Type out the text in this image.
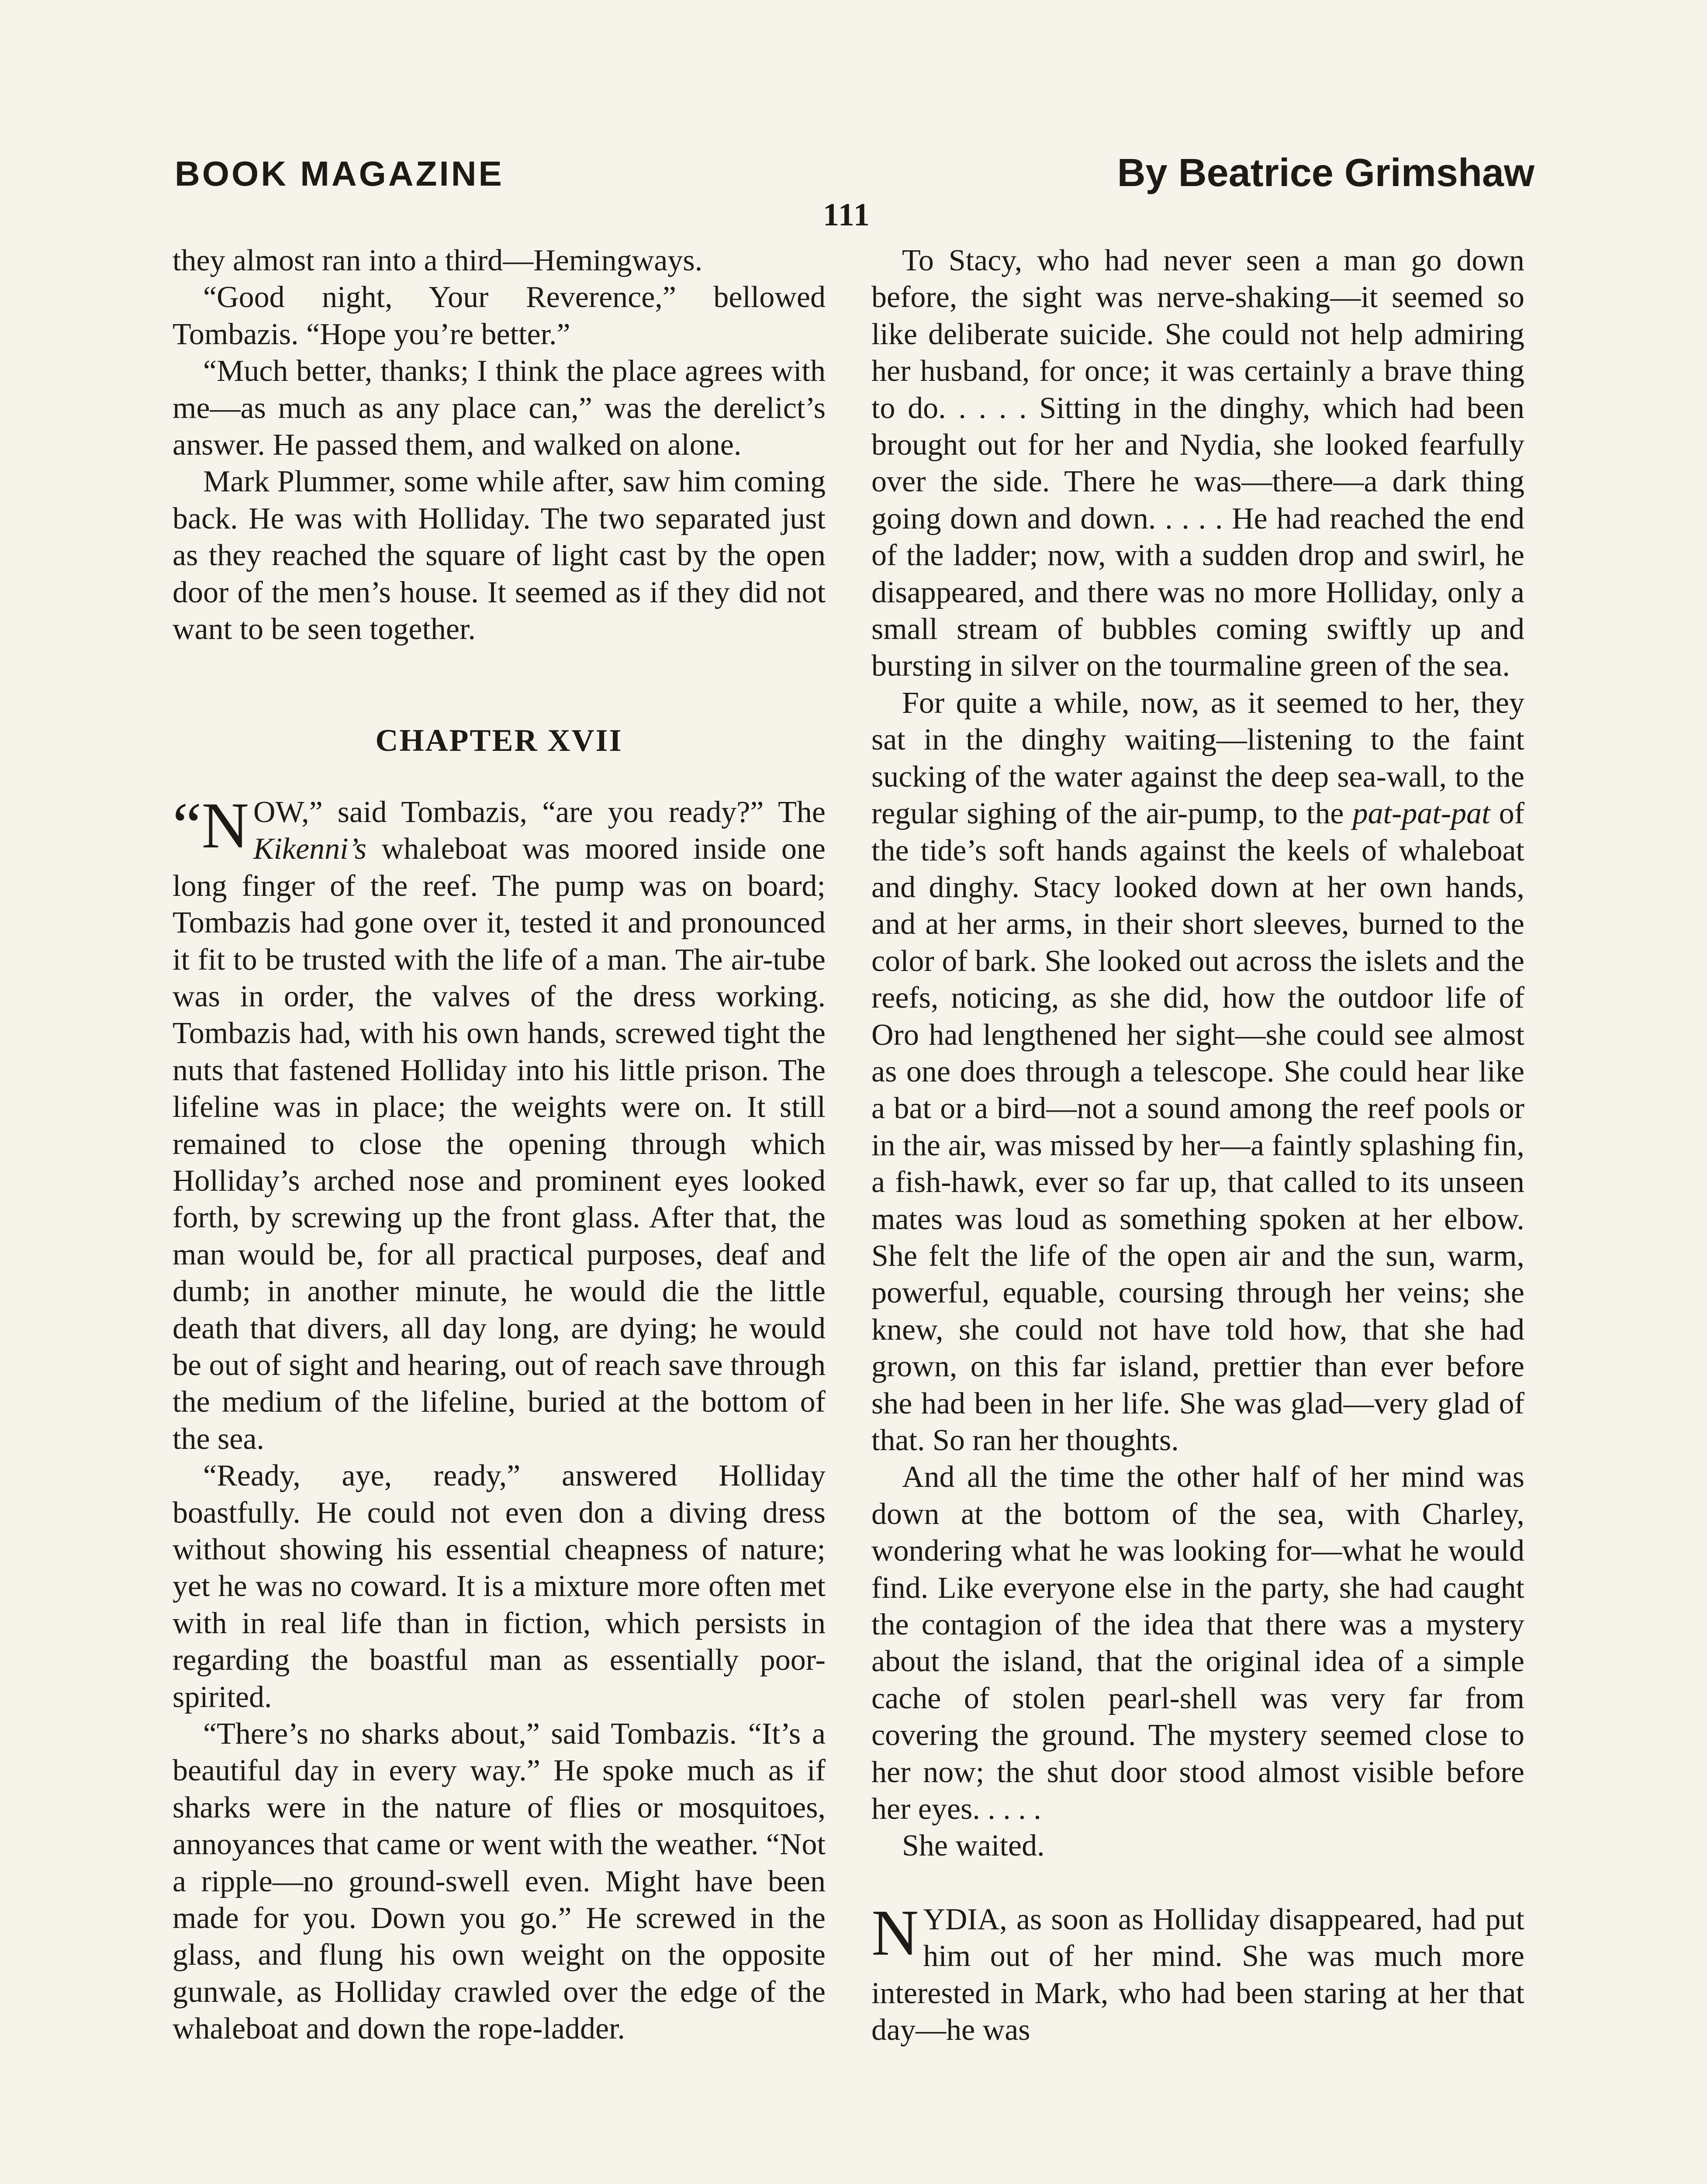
BOOK MAGAZINE	By Beatrice Grimshaw
111

they almost ran into a third—Hemingways.

“Good night, Your Reverence,” bellowed Tombazis. “Hope you’re better.”

“Much better, thanks; I think the place agrees with me—as much as any place can,” was the derelict’s answer. He passed them, and walked on alone.

Mark Plummer, some while after, saw him coming back. He was with Holliday. The two separated just as they reached the square of light cast by the open door of the men’s house. It seemed as if they did not want to be seen together.

CHAPTER XVII

“N OW,” said Tombazis, “are you ready?” The Kikenni’s whaleboat was moored inside one long finger of the reef. The pump was on board; Tombazis had gone over it, tested it and pronounced it fit to be trusted with the life of a man. The air-tube was in order, the valves of the dress working. Tombazis had, with his own hands, screwed tight the nuts that fastened Holliday into his little prison. The lifeline was in place; the weights were on. It still remained to close the opening through which Holliday’s arched nose and prominent eyes looked forth, by screwing up the front glass. After that, the man would be, for all practical purposes, deaf and dumb; in another minute, he would die the little death that divers, all day long, are dying; he would be out of sight and hearing, out of reach save through the medium of the lifeline, buried at the bottom of the sea.

“Ready, aye, ready,” answered Holliday boastfully. He could not even don a diving dress without showing his essential cheapness of nature; yet he was no coward. It is a mixture more often met with in real life than in fiction, which persists in regarding the boastful man as essentially poor-spirited.

“There’s no sharks about,” said Tombazis. “It’s a beautiful day in every way.” He spoke much as if sharks were in the nature of flies or mosquitoes, annoyances that came or went with the weather. “Not a ripple—no ground-swell even. Might have been made for you. Down you go.” He screwed in the glass, and flung his own weight on the opposite gunwale, as Holliday crawled over the edge of the whaleboat and down the rope-ladder.

To Stacy, who had never seen a man go down before, the sight was nerve-shaking—it seemed so like deliberate suicide. She could not help admiring her husband, for once; it was certainly a brave thing to do. . . . . Sitting in the dinghy, which had been brought out for her and Nydia, she looked fearfully over the side. There he was—there—a dark thing going down and down. . . . . He had reached the end of the ladder; now, with a sudden drop and swirl, he disappeared, and there was no more Holliday, only a small stream of bubbles coming swiftly up and bursting in silver on the tourmaline green of the sea.

For quite a while, now, as it seemed to her, they sat in the dinghy waiting—listening to the faint sucking of the water against the deep sea-wall, to the regular sighing of the air-pump, to the pat-pat-pat of the tide’s soft hands against the keels of whaleboat and dinghy. Stacy looked down at her own hands, and at her arms, in their short sleeves, burned to the color of bark. She looked out across the islets and the reefs, noticing, as she did, how the outdoor life of Oro had lengthened her sight—she could see almost as one does through a telescope. She could hear like a bat or a bird—not a sound among the reef pools or in the air, was missed by her—a faintly splashing fin, a fish-hawk, ever so far up, that called to its unseen mates was loud as something spoken at her elbow. She felt the life of the open air and the sun, warm, powerful, equable, coursing through her veins; she knew, she could not have told how, that she had grown, on this far island, prettier than ever before she had been in her life. She was glad—very glad of that. So ran her thoughts.

And all the time the other half of her mind was down at the bottom of the sea, with Charley, wondering what he was looking for—what he would find. Like everyone else in the party, she had caught the contagion of the idea that there was a mystery about the island, that the original idea of a simple cache of stolen pearl-shell was very far from covering the ground. The mystery seemed close to her now; the shut door stood almost visible before her eyes. . . . .

She waited.

NYDIA, as soon as Holliday disappeared, had put him out of her mind. She was much more interested in Mark, who had been staring at her that day—he was
